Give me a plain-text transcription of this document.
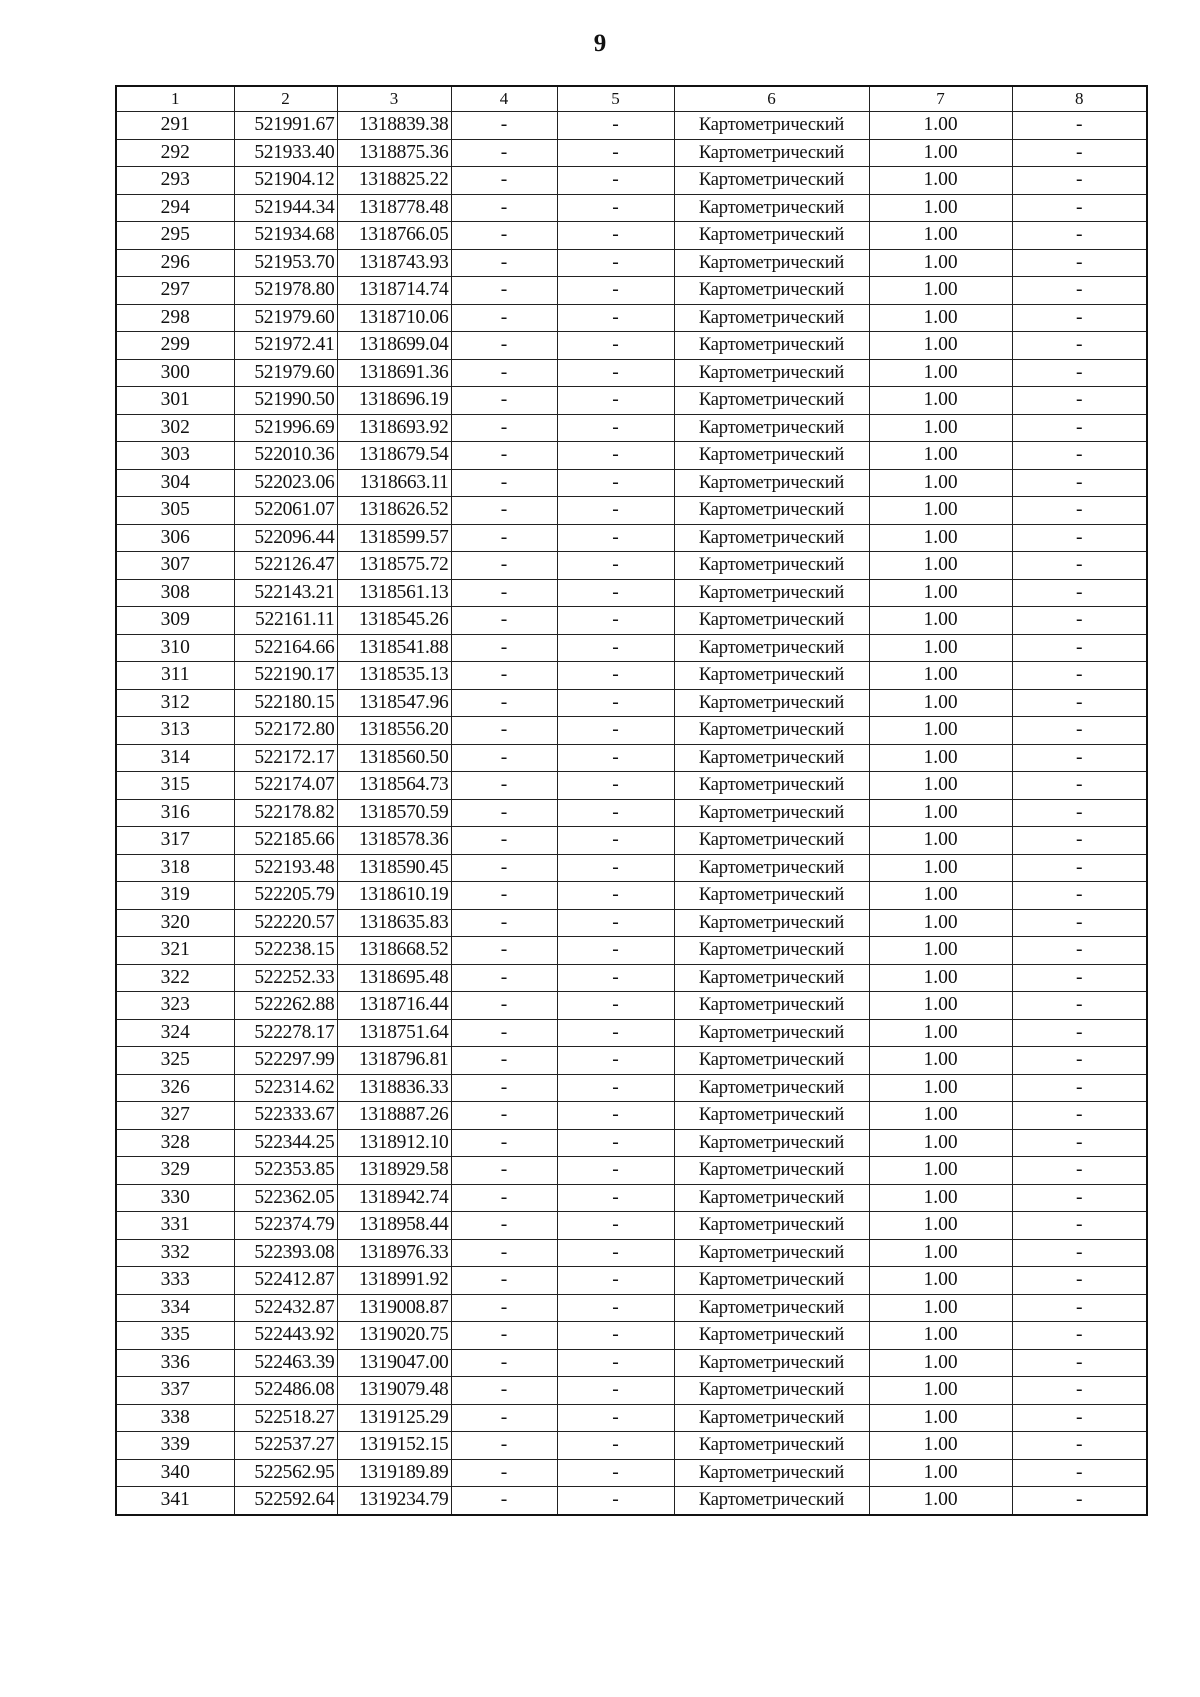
9
1	2	3	4	5	6	7	8
291	521991.67	1318839.38	-	-	Картометрический	1.00	-
292	521933.40	1318875.36	-	-	Картометрический	1.00	-
293	521904.12	1318825.22	-	-	Картометрический	1.00	-
294	521944.34	1318778.48	-	-	Картометрический	1.00	-
295	521934.68	1318766.05	-	-	Картометрический	1.00	-
296	521953.70	1318743.93	-	-	Картометрический	1.00	-
297	521978.80	1318714.74	-	-	Картометрический	1.00	-
298	521979.60	1318710.06	-	-	Картометрический	1.00	-
299	521972.41	1318699.04	-	-	Картометрический	1.00	-
300	521979.60	1318691.36	-	-	Картометрический	1.00	-
301	521990.50	1318696.19	-	-	Картометрический	1.00	-
302	521996.69	1318693.92	-	-	Картометрический	1.00	-
303	522010.36	1318679.54	-	-	Картометрический	1.00	-
304	522023.06	1318663.11	-	-	Картометрический	1.00	-
305	522061.07	1318626.52	-	-	Картометрический	1.00	-
306	522096.44	1318599.57	-	-	Картометрический	1.00	-
307	522126.47	1318575.72	-	-	Картометрический	1.00	-
308	522143.21	1318561.13	-	-	Картометрический	1.00	-
309	522161.11	1318545.26	-	-	Картометрический	1.00	-
310	522164.66	1318541.88	-	-	Картометрический	1.00	-
311	522190.17	1318535.13	-	-	Картометрический	1.00	-
312	522180.15	1318547.96	-	-	Картометрический	1.00	-
313	522172.80	1318556.20	-	-	Картометрический	1.00	-
314	522172.17	1318560.50	-	-	Картометрический	1.00	-
315	522174.07	1318564.73	-	-	Картометрический	1.00	-
316	522178.82	1318570.59	-	-	Картометрический	1.00	-
317	522185.66	1318578.36	-	-	Картометрический	1.00	-
318	522193.48	1318590.45	-	-	Картометрический	1.00	-
319	522205.79	1318610.19	-	-	Картометрический	1.00	-
320	522220.57	1318635.83	-	-	Картометрический	1.00	-
321	522238.15	1318668.52	-	-	Картометрический	1.00	-
322	522252.33	1318695.48	-	-	Картометрический	1.00	-
323	522262.88	1318716.44	-	-	Картометрический	1.00	-
324	522278.17	1318751.64	-	-	Картометрический	1.00	-
325	522297.99	1318796.81	-	-	Картометрический	1.00	-
326	522314.62	1318836.33	-	-	Картометрический	1.00	-
327	522333.67	1318887.26	-	-	Картометрический	1.00	-
328	522344.25	1318912.10	-	-	Картометрический	1.00	-
329	522353.85	1318929.58	-	-	Картометрический	1.00	-
330	522362.05	1318942.74	-	-	Картометрический	1.00	-
331	522374.79	1318958.44	-	-	Картометрический	1.00	-
332	522393.08	1318976.33	-	-	Картометрический	1.00	-
333	522412.87	1318991.92	-	-	Картометрический	1.00	-
334	522432.87	1319008.87	-	-	Картометрический	1.00	-
335	522443.92	1319020.75	-	-	Картометрический	1.00	-
336	522463.39	1319047.00	-	-	Картометрический	1.00	-
337	522486.08	1319079.48	-	-	Картометрический	1.00	-
338	522518.27	1319125.29	-	-	Картометрический	1.00	-
339	522537.27	1319152.15	-	-	Картометрический	1.00	-
340	522562.95	1319189.89	-	-	Картометрический	1.00	-
341	522592.64	1319234.79	-	-	Картометрический	1.00	-
